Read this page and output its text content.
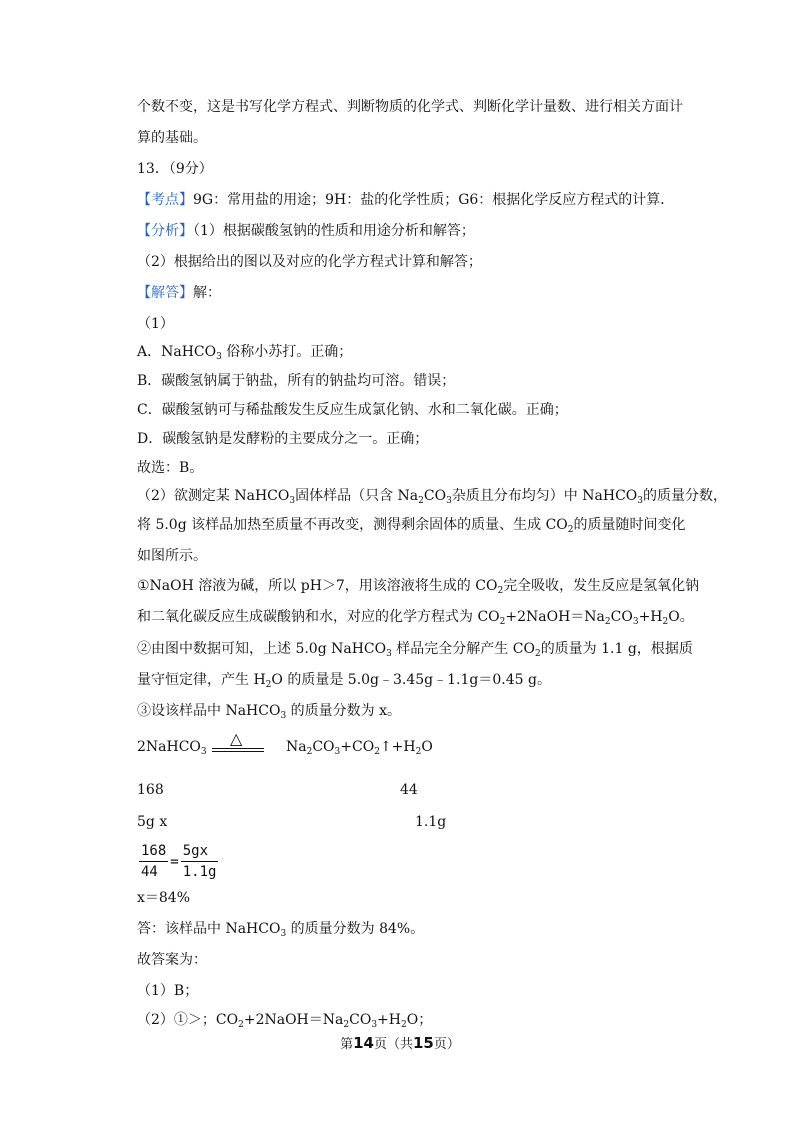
个数不变，这是书写化学方程式、判断物质的化学式、判断化学计量数、进行相关方面计
算的基础。
13．（9分）
【考点】9G：常用盐的用途；9H：盐的化学性质；G6：根据化学反应方程式的计算．
【分析】（1）根据碳酸氢钠的性质和用途分析和解答；
（2）根据给出的图以及对应的化学方程式计算和解答；
【解答】解：
（1）
A．NaHCO$_3$ 俗称小苏打。正确；
B．碳酸氢钠属于钠盐，所有的钠盐均可溶。错误；
C．碳酸氢钠可与稀盐酸发生反应生成氯化钠、水和二氧化碳。正确；
D．碳酸氢钠是发酵粉的主要成分之一。正确；
故选：B。
（2）欲测定某 NaHCO$_3$固体样品（只含 $Na_2CO_3$杂质且分布均匀）中 NaHCO$_3$的质量分数，
将 5.0g 该样品加热至质量不再改变，测得剩余固体的质量、生成 $CO_2$的质量随时间变化
如图所示。
①NaOH 溶液为碱，所以 pH＞7，用该溶液将生成的 $CO_2$完全吸收，发生反应是氢氧化钠
和二氧化碳反应生成碳酸钠和水，对应的化学方程式为 $CO_2+2NaOH=Na_2CO_3+H_2O$。
②由图中数据可知，上述 5.0g NaHCO$_3$ 样品完全分解产生 $CO_2$的质量为 1.1 g，根据质
量守恒定律，产生 $H_2O$ 的质量是 5.0g﹣3.45g﹣1.1g＝0.45 g。
③设该样品中 NaHCO$_3$ 的质量分数为 x。
2NaHCO$_3$
△	$Na_2CO_3+CO_2↑+H_2O$
168	44
5g x	1.1g
$\frac{168}{44} = \frac{5gx}{1.1g}$
x＝84%
答：该样品中 NaHCO$_3$ 的质量分数为 84%。
故答案为：
（1）B；
（2）①＞；$CO_2+2NaOH=Na_2CO_3+H_2O$；
第14页（共15页）
